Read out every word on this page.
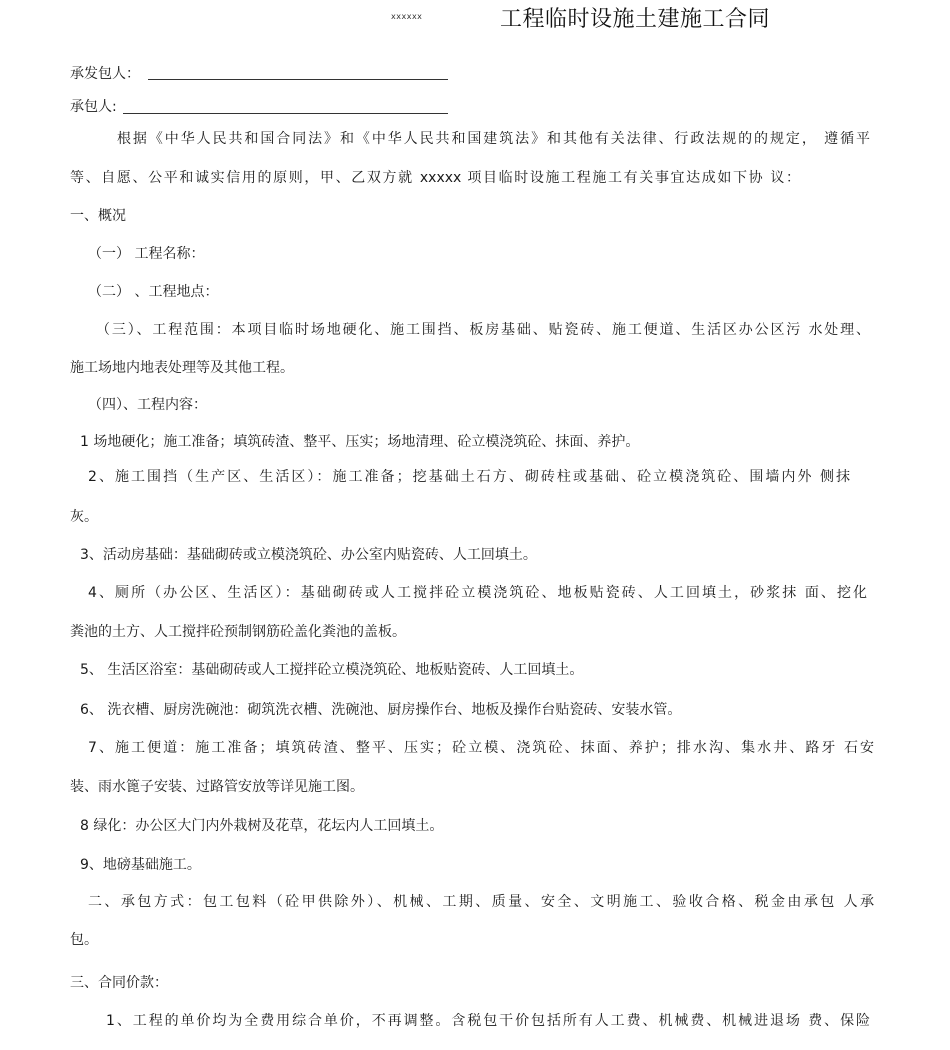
xxxxxx	工程临时设施土建施工合同
承发包人：
承包人:
根据《中华人民共和国合同法》和《中华人民共和国建筑法》和其他有关法律、行政法规的的规定， 遵循平
等、自愿、公平和诚实信用的原则，甲、乙双方就 xxxxx 项目临时设施工程施工有关事宜达成如下协 议：
一、概况
（一） 工程名称：
（二） 、工程地点：
（三）、工程范围：本项目临时场地硬化、施工围挡、板房基础、贴瓷砖、施工便道、生活区办公区污 水处理、
施工场地内地表处理等及其他工程。
（四）、工程内容：
1 场地硬化；施工准备；填筑砖渣、整平、压实；场地清理、砼立模浇筑砼、抹面、养护。
2、施工围挡（生产区、生活区）：施工准备；挖基础土石方、砌砖柱或基础、砼立模浇筑砼、围墙内外 侧抹
灰。
3、活动房基础：基础砌砖或立模浇筑砼、办公室内贴瓷砖、人工回填土。
4、厕所（办公区、生活区）：基础砌砖或人工搅拌砼立模浇筑砼、地板贴瓷砖、人工回填土，砂浆抹 面、挖化
粪池的土方、人工搅拌砼预制钢筋砼盖化粪池的盖板。
5、 生活区浴室：基础砌砖或人工搅拌砼立模浇筑砼、地板贴瓷砖、人工回填土。
6、 洗衣槽、厨房洗碗池：砌筑洗衣槽、洗碗池、厨房操作台、地板及操作台贴瓷砖、安装水管。
7、施工便道：施工准备；填筑砖渣、整平、压实；砼立模、浇筑砼、抹面、养护；排水沟、集水井、路牙 石安
装、雨水篦子安装、过路管安放等详见施工图。
8 绿化：办公区大门内外栽树及花草，花坛内人工回填土。
9、地磅基础施工。
二、承包方式：包工包料（砼甲供除外）、机械、工期、质量、安全、文明施工、验收合格、税金由承包 人承
包。
三、合同价款：
1、工程的单价均为全费用综合单价，不再调整。含税包干价包括所有人工费、机械费、机械进退场 费、保险
